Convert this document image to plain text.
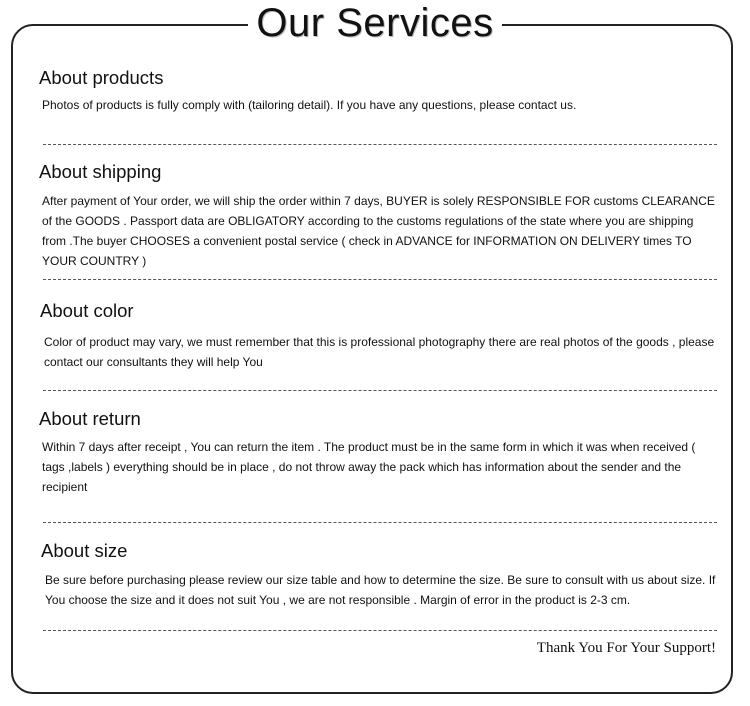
Our Services
About products

Photos of products is fully comply with (tailoring detail). If you have any questions, please contact us.

About shipping

After payment of Your order, we will ship the order within 7 days, BUYER is solely RESPONSIBLE FOR customs CLEARANCE of the GOODS . Passport data are OBLIGATORY according to the customs regulations of the state where you are shipping from .The buyer CHOOSES a convenient postal service ( check in ADVANCE for INFORMATION ON DELIVERY times TO YOUR COUNTRY )

About color

Color of product may vary, we must remember that this is professional photography there are real photos of the goods , please contact our consultants they will help You

About return

Within 7 days after receipt , You can return the item . The product must be in the same form in which it was when received ( tags ,labels ) everything should be in place , do not throw away the pack which has information about the sender and the recipient

About size

Be sure before purchasing please review our size table and how to determine the size. Be sure to consult with us about size. If You choose the size and it does not suit You , we are not responsible . Margin of error in the product is 2-3 cm.

Thank You For Your Support!
